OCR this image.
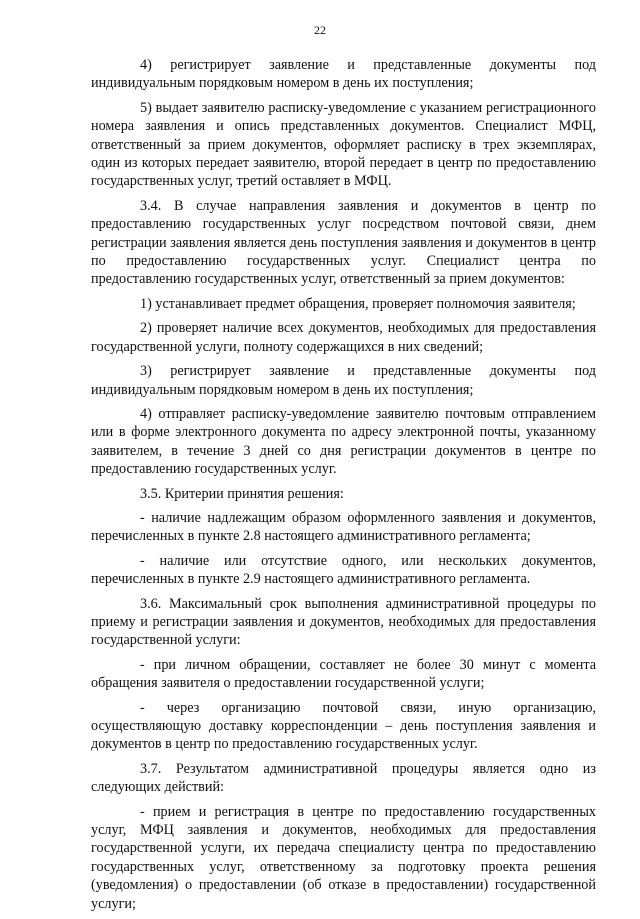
22

4) регистрирует заявление и представленные документы под индивидуальным порядковым номером в день их поступления;

5) выдает заявителю расписку-уведомление с указанием регистрационного номера заявления и опись представленных документов. Специалист МФЦ, ответственный за прием документов, оформляет расписку в трех экземплярах, один из которых передает заявителю, второй передает в центр по предоставлению государственных услуг, третий оставляет в МФЦ.

3.4. В случае направления заявления и документов в центр по предоставлению государственных услуг посредством почтовой связи, днем регистрации заявления является день поступления заявления и документов в центр по предоставлению государственных услуг. Специалист центра по предоставлению государственных услуг, ответственный за прием документов:

1) устанавливает предмет обращения, проверяет полномочия заявителя;

2) проверяет наличие всех документов, необходимых для предоставления государственной услуги, полноту содержащихся в них сведений;

3) регистрирует заявление и представленные документы под индивидуальным порядковым номером в день их поступления;

4) отправляет расписку-уведомление заявителю почтовым отправлением или в форме электронного документа по адресу электронной почты, указанному заявителем, в течение 3 дней со дня регистрации документов в центре по предоставлению государственных услуг.

3.5. Критерии принятия решения:

- наличие надлежащим образом оформленного заявления и документов, перечисленных в пункте 2.8 настоящего административного регламента;

- наличие или отсутствие одного, или нескольких документов, перечисленных в пункте 2.9 настоящего административного регламента.

3.6. Максимальный срок выполнения административной процедуры по приему и регистрации заявления и документов, необходимых для предоставления государственной услуги:

- при личном обращении, составляет не более 30 минут с момента обращения заявителя о предоставлении государственной услуги;

- через организацию почтовой связи, иную организацию, осуществляющую доставку корреспонденции – день поступления заявления и документов в центр по предоставлению государственных услуг.

3.7. Результатом административной процедуры является одно из следующих действий:

- прием и регистрация в центре по предоставлению государственных услуг, МФЦ заявления и документов, необходимых для предоставления государственной услуги, их передача специалисту центра по предоставлению государственных услуг, ответственному за подготовку проекта решения (уведомления) о предоставлении (об отказе в предоставлении) государственной услуги;
